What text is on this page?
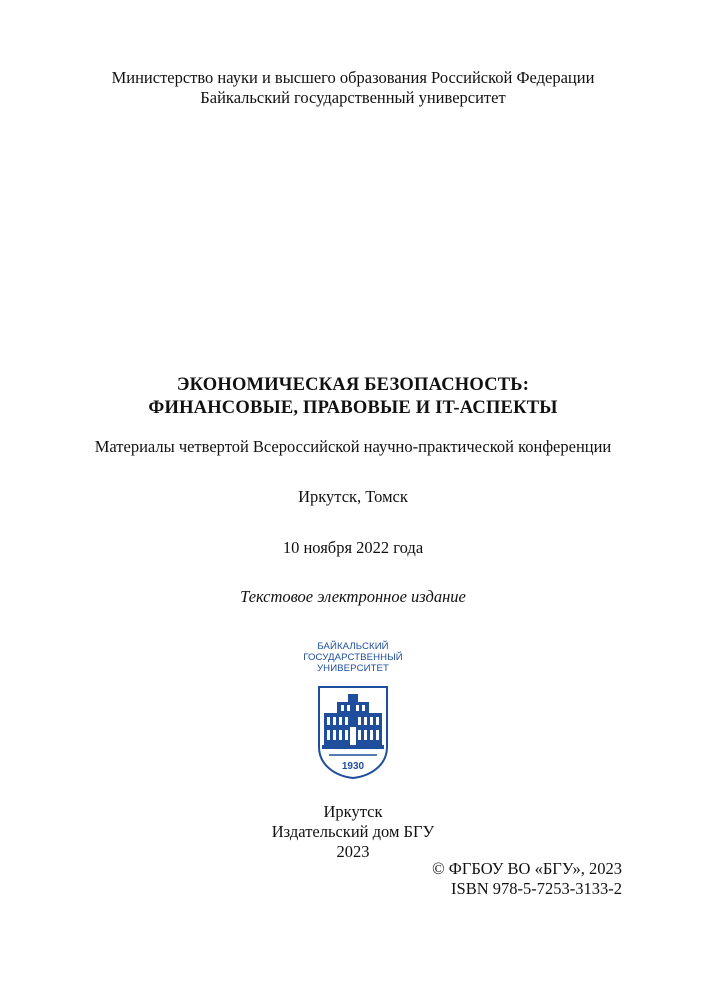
Министерство науки и высшего образования Российской Федерации
Байкальский государственный университет
ЭКОНОМИЧЕСКАЯ БЕЗОПАСНОСТЬ:
ФИНАНСОВЫЕ, ПРАВОВЫЕ И IT-АСПЕКТЫ
Материалы четвертой Всероссийской научно-практической конференции
Иркутск, Томск
10 ноября 2022 года
Текстовое электронное издание
БАЙКАЛЬСКИЙ
ГОСУДАРСТВЕННЫЙ
УНИВЕРСИТЕТ
1930
Иркутск
Издательский дом БГУ
2023
© ФГБОУ ВО «БГУ», 2023
ISBN 978-5-7253-3133-2
